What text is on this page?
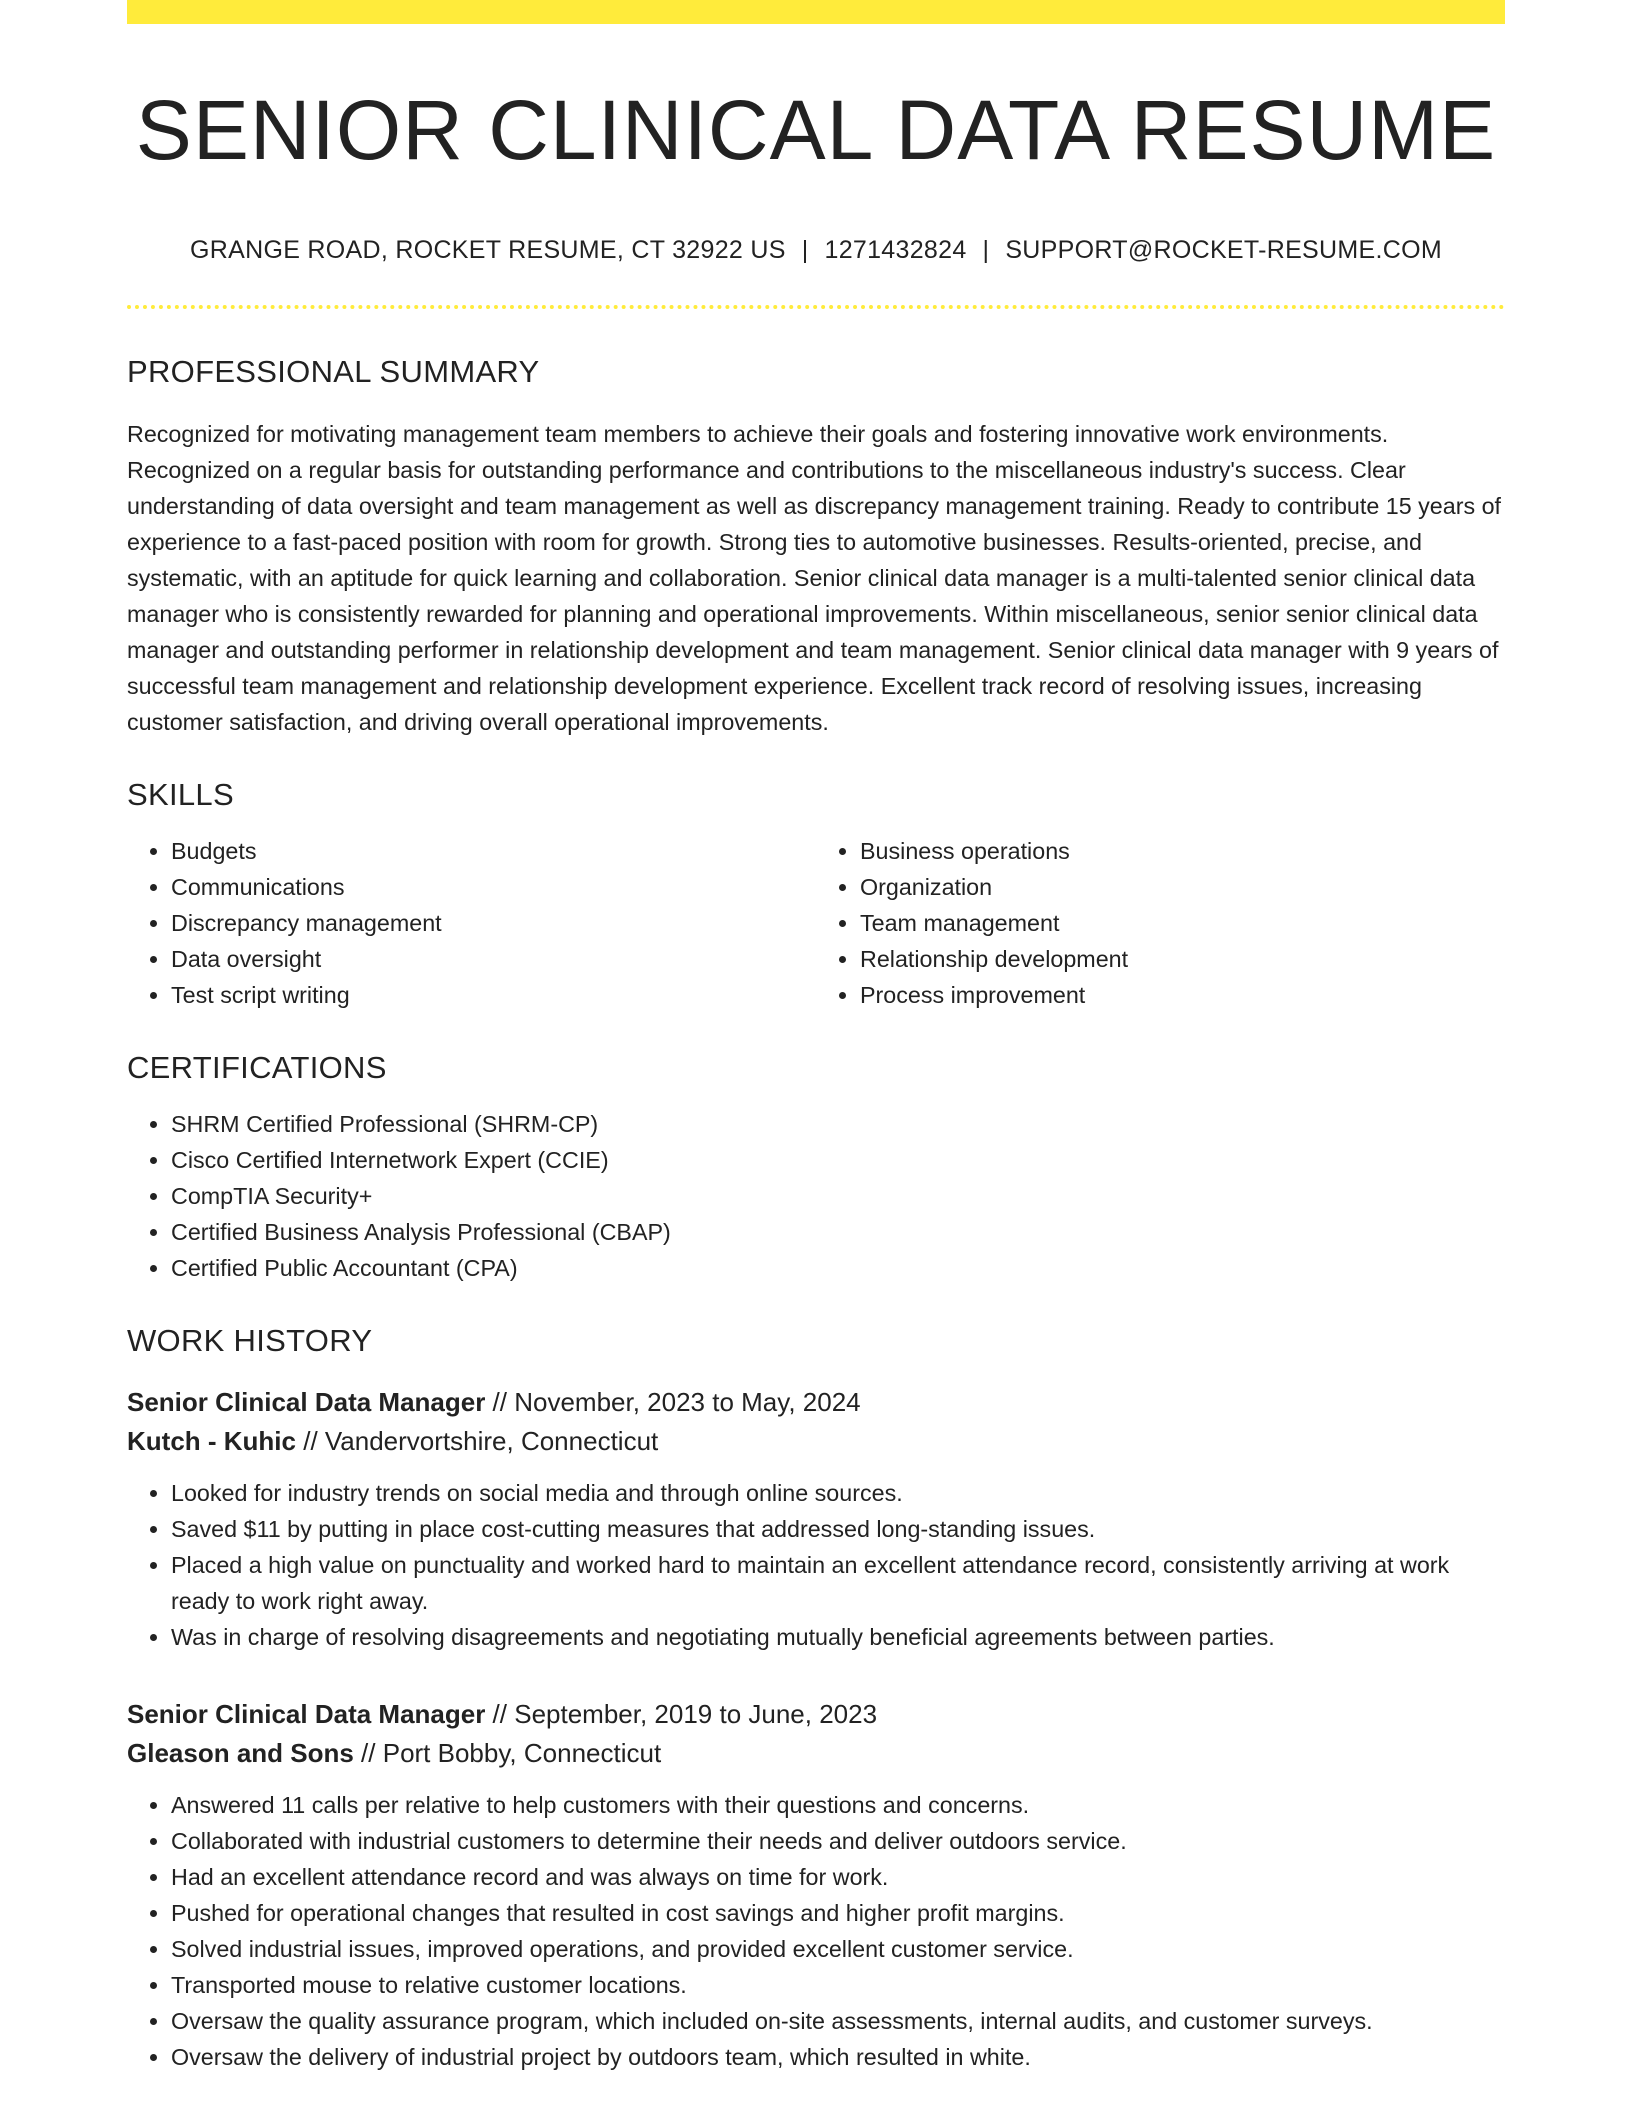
SENIOR CLINICAL DATA RESUME
GRANGE ROAD, ROCKET RESUME, CT 32922 US | 1271432824 | SUPPORT@ROCKET-RESUME.COM
PROFESSIONAL SUMMARY

Recognized for motivating management team members to achieve their goals and fostering innovative work environments. Recognized on a regular basis for outstanding performance and contributions to the miscellaneous industry's success. Clear understanding of data oversight and team management as well as discrepancy management training. Ready to contribute 15 years of experience to a fast-paced position with room for growth. Strong ties to automotive businesses. Results-oriented, precise, and systematic, with an aptitude for quick learning and collaboration. Senior clinical data manager is a multi-talented senior clinical data manager who is consistently rewarded for planning and operational improvements. Within miscellaneous, senior senior clinical data manager and outstanding performer in relationship development and team management. Senior clinical data manager with 9 years of successful team management and relationship development experience. Excellent track record of resolving issues, increasing customer satisfaction, and driving overall operational improvements.

SKILLS
• Budgets
• Communications
• Discrepancy management
• Data oversight
• Test script writing
• Business operations
• Organization
• Team management
• Relationship development
• Process improvement
CERTIFICATIONS
• SHRM Certified Professional (SHRM-CP)
• Cisco Certified Internetwork Expert (CCIE)
• CompTIA Security+
• Certified Business Analysis Professional (CBAP)
• Certified Public Accountant (CPA)
WORK HISTORY
Senior Clinical Data Manager // November, 2023 to May, 2024
Kutch - Kuhic // Vandervortshire, Connecticut
• Looked for industry trends on social media and through online sources.
• Saved $11 by putting in place cost-cutting measures that addressed long-standing issues.
• Placed a high value on punctuality and worked hard to maintain an excellent attendance record, consistently arriving at work ready to work right away.
• Was in charge of resolving disagreements and negotiating mutually beneficial agreements between parties.
Senior Clinical Data Manager // September, 2019 to June, 2023
Gleason and Sons // Port Bobby, Connecticut
• Answered 11 calls per relative to help customers with their questions and concerns.
• Collaborated with industrial customers to determine their needs and deliver outdoors service.
• Had an excellent attendance record and was always on time for work.
• Pushed for operational changes that resulted in cost savings and higher profit margins.
• Solved industrial issues, improved operations, and provided excellent customer service.
• Transported mouse to relative customer locations.
• Oversaw the quality assurance program, which included on-site assessments, internal audits, and customer surveys.
• Oversaw the delivery of industrial project by outdoors team, which resulted in white.
